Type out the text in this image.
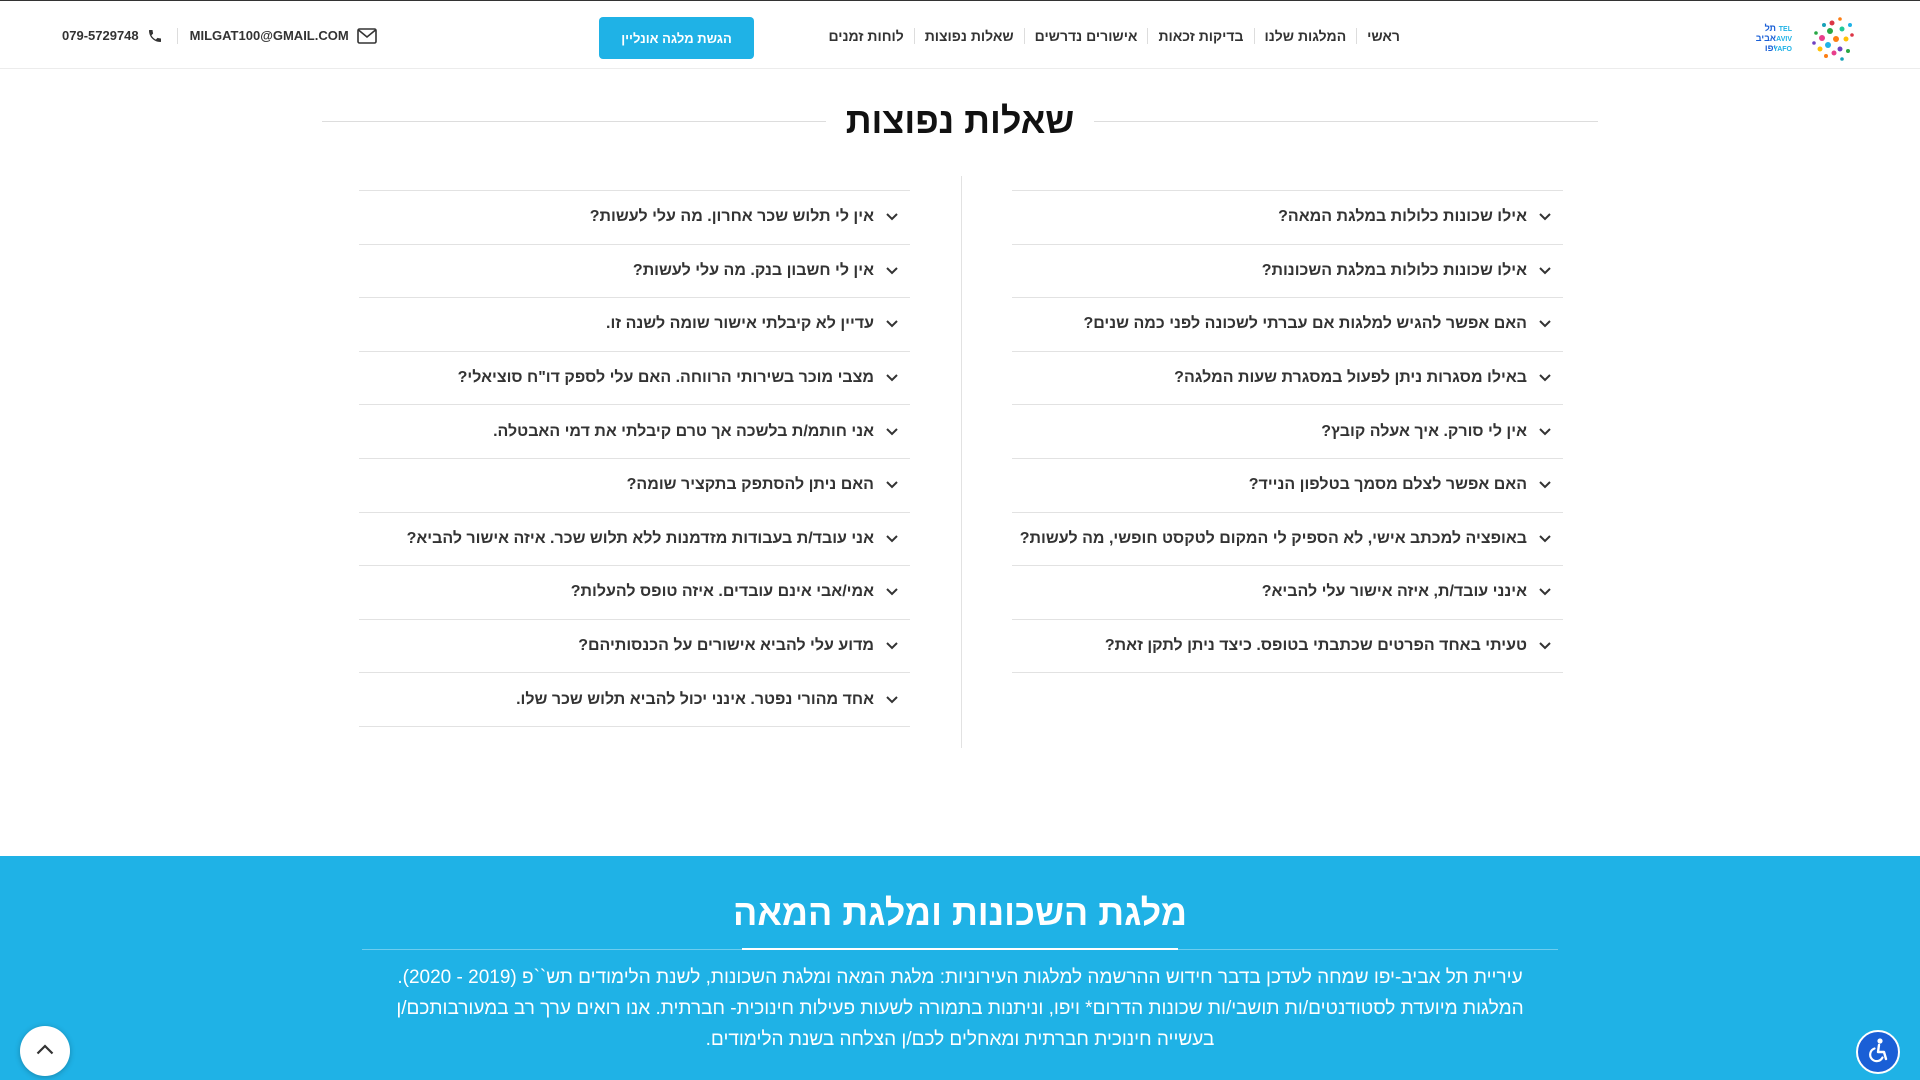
תל
אביב
יפו
TEL
AVIV
YAFO
ראשי
המלגות שלנו
בדיקות זכאות
אישורים נדרשים
שאלות נפוצות
לוחות זמנים
הגשת מלגה אונליין
079-5729748	MILGAT100@GMAIL.COM
שאלות נפוצות
אילו שכונות כלולות במלגת המאה?
אילו שכונות כלולות במלגת השכונות?
האם אפשר להגיש למלגות אם עברתי לשכונה לפני כמה שנים?
באילו מסגרות ניתן לפעול במסגרת שעות המלגה?
אין לי סורק. איך אעלה קובץ?
האם אפשר לצלם מסמך בטלפון הנייד?
באופציה למכתב אישי, לא הספיק לי המקום לטקסט חופשי, מה לעשות?
אינני עובד/ת, איזה אישור עלי להביא?
טעיתי באחד הפרטים שכתבתי בטופס. כיצד ניתן לתקן זאת?
אין לי תלוש שכר אחרון. מה עלי לעשות?
אין לי חשבון בנק. מה עלי לעשות?
עדיין לא קיבלתי אישור שומה לשנה זו.
מצבי מוכר בשירותי הרווחה. האם עלי לספק דו"ח סוציאלי?
אני חותמ/ת בלשכה אך טרם קיבלתי את דמי האבטלה.
האם ניתן להסתפק בתקציר שומה?
אני עובד/ת בעבודות מזדמנות ללא תלוש שכר. איזה אישור להביא?
אמי/אבי אינם עובדים. איזה טופס להעלות?
מדוע עלי להביא אישורים על הכנסותיהם?
אחד מהורי נפטר. אינני יכול להביא תלוש שכר שלו.
מלגת השכונות ומלגת המאה
עיריית תל אביב-יפו שמחה לעדכן בדבר חידוש ההרשמה למלגות העירוניות: מלגת המאה ומלגת השכונות, לשנת הלימודים תש``פ (2019 - 2020).
המלגות מיועדת לסטודנטים/ות תושבי/ות שכונות הדרום* ויפו, וניתנות בתמורה לשעות פעילות חינוכית- חברתית. אנו רואים ערך רב במעורבותכם/ן
בעשייה חינוכית חברתית ומאחלים לכם/ן הצלחה בשנת הלימודים.
